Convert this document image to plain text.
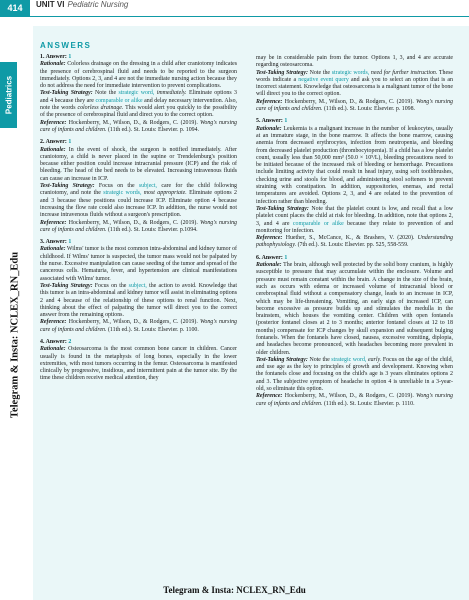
414	UNIT VI Pediatric Nursing
Pediatrics
Telegram & Insta: NCLEX_RN_Edu
ANSWERS

1. Answer: 1

Rationale: Colorless drainage on the dressing in a child after craniotomy indicates the presence of cerebrospinal fluid and needs to be reported to the surgeon immediately. Options 2, 3, and 4 are not the immediate nursing action because they do not address the need for immediate intervention to prevent complications.

Test-Taking Strategy: Note the strategic word, immediately. Eliminate options 3 and 4 because they are comparable or alike and delay necessary intervention. Also, note the words colorless drainage. This would alert you quickly to the possibility of the presence of cerebrospinal fluid and direct you to the correct option.

Reference: Hockenberry, M., Wilson, D., & Rodgers, C. (2019). Wong's nursing care of infants and children. (11th ed.). St. Louis: Elsevier. p. 1094.

2. Answer: 1

Rationale: In the event of shock, the surgeon is notified immediately. After craniotomy, a child is never placed in the supine or Trendelenburg's position because either position could increase intracranial pressure (ICP) and the risk of bleeding. The head of the bed needs to be elevated. Increasing intravenous fluids can cause an increase in ICP.

Test-Taking Strategy: Focus on the subject, care for the child following craniotomy, and note the strategic words, most appropriate. Eliminate options 2 and 3 because these positions could increase ICP. Eliminate option 4 because increasing the flow rate could also increase ICP. In addition, the nurse would not increase intravenous fluids without a surgeon's prescription.

Reference: Hockenberry, M., Wilson, D., & Rodgers, C. (2019). Wong's nursing care of infants and children. (11th ed.). St. Louis: Elsevier. p.1094.

3. Answer: 1

Rationale: Wilms' tumor is the most common intra-abdominal and kidney tumor of childhood. If Wilms' tumor is suspected, the tumor mass would not be palpated by the nurse. Excessive manipulation can cause seeding of the tumor and spread of the cancerous cells. Hematuria, fever, and hypertension are clinical manifestations associated with Wilms' tumor.

Test-Taking Strategy: Focus on the subject, the action to avoid. Knowledge that this tumor is an intra-abdominal and kidney tumor will assist in eliminating options 2 and 4 because of the relationship of these options to renal function. Next, thinking about the effect of palpating the tumor will direct you to the correct answer from the remaining options.

Reference: Hockenberry, M., Wilson, D., & Rodgers, C. (2019). Wong's nursing care of infants and children. (11th ed.). St. Louis: Elsevier. p. 1100.

4. Answer: 2

Rationale: Osteosarcoma is the most common bone cancer in children. Cancer usually is found in the metaphysis of long bones, especially in the lower extremities, with most tumors occurring in the femur. Osteosarcoma is manifested clinically by progressive, insidious, and intermittent pain at the tumor site. By the time these children receive medical attention, they

may be in considerable pain from the tumor. Options 1, 3, and 4 are accurate regarding osteosarcoma.

Test-Taking Strategy: Note the strategic words, need for further instruction. These words indicate a negative event query and ask you to select an option that is an incorrect statement. Knowledge that osteosarcoma is a malignant tumor of the bone will direct you to the correct option.

Reference: Hockenberry, M., Wilson, D., & Rodgers, C. (2019). Wong's nursing care of infants and children. (11th ed.). St. Louis: Elsevier. p. 1098.

5. Answer: 1

Rationale: Leukemia is a malignant increase in the number of leukocytes, usually at an immature stage, in the bone marrow. It affects the bone marrow, causing anemia from decreased erythrocytes, infection from neutropenia, and bleeding from decreased platelet production (thrombocytopenia). If a child has a low platelet count, usually less than 50,000 mm³ (50.0 × 10⁹/L), bleeding precautions need to be initiated because of the increased risk of bleeding or hemorrhage. Precautions include limiting activity that could result in head injury, using soft toothbrushes, checking urine and stools for blood, and administering stool softeners to prevent straining with constipation. In addition, suppositories, enemas, and rectal temperatures are avoided. Options 2, 3, and 4 are related to the prevention of infection rather than bleeding.

Test-Taking Strategy: Note that the platelet count is low, and recall that a low platelet count places the child at risk for bleeding. In addition, note that options 2, 3, and 4 are comparable or alike because they relate to prevention of and monitoring for infection.

Reference: Huether, S., McCance, K., & Brashers, V. (2020). Understanding pathophysiology. (7th ed.). St. Louis: Elsevier. pp. 525, 558-559.

6. Answer: 1

Rationale: The brain, although well protected by the solid bony cranium, is highly susceptible to pressure that may accumulate within the enclosure. Volume and pressure must remain constant within the brain. A change in the size of the brain, such as occurs with edema or increased volume of intracranial blood or cerebrospinal fluid without a compensatory change, leads to an increase in ICP, which may be life-threatening. Vomiting, an early sign of increased ICP, can become excessive as pressure builds up and stimulates the medulla in the brainstem, which houses the vomiting center. Children with open fontanels (posterior fontanel closes at 2 to 3 months; anterior fontanel closes at 12 to 18 months) compensate for ICP changes by skull expansion and subsequent bulging fontanels. When the fontanels have closed, nausea, excessive vomiting, diplopia, and headaches become pronounced, with headaches becoming more prevalent in older children.

Test-Taking Strategy: Note the strategic word, early. Focus on the age of the child, and use age as the key to principles of growth and development. Knowing when the fontanels close and focusing on the child's age is 3 years eliminates options 2 and 3. The subjective symptom of headache in option 4 is unreliable in a 3-year-old, so eliminate this option.

Reference: Hockenberry, M., Wilson, D., & Rodgers, C. (2019). Wong's nursing care of infants and children. (11th ed.). St. Louis: Elsevier. p. 1110.

Telegram & Insta: NCLEX_RN_Edu
